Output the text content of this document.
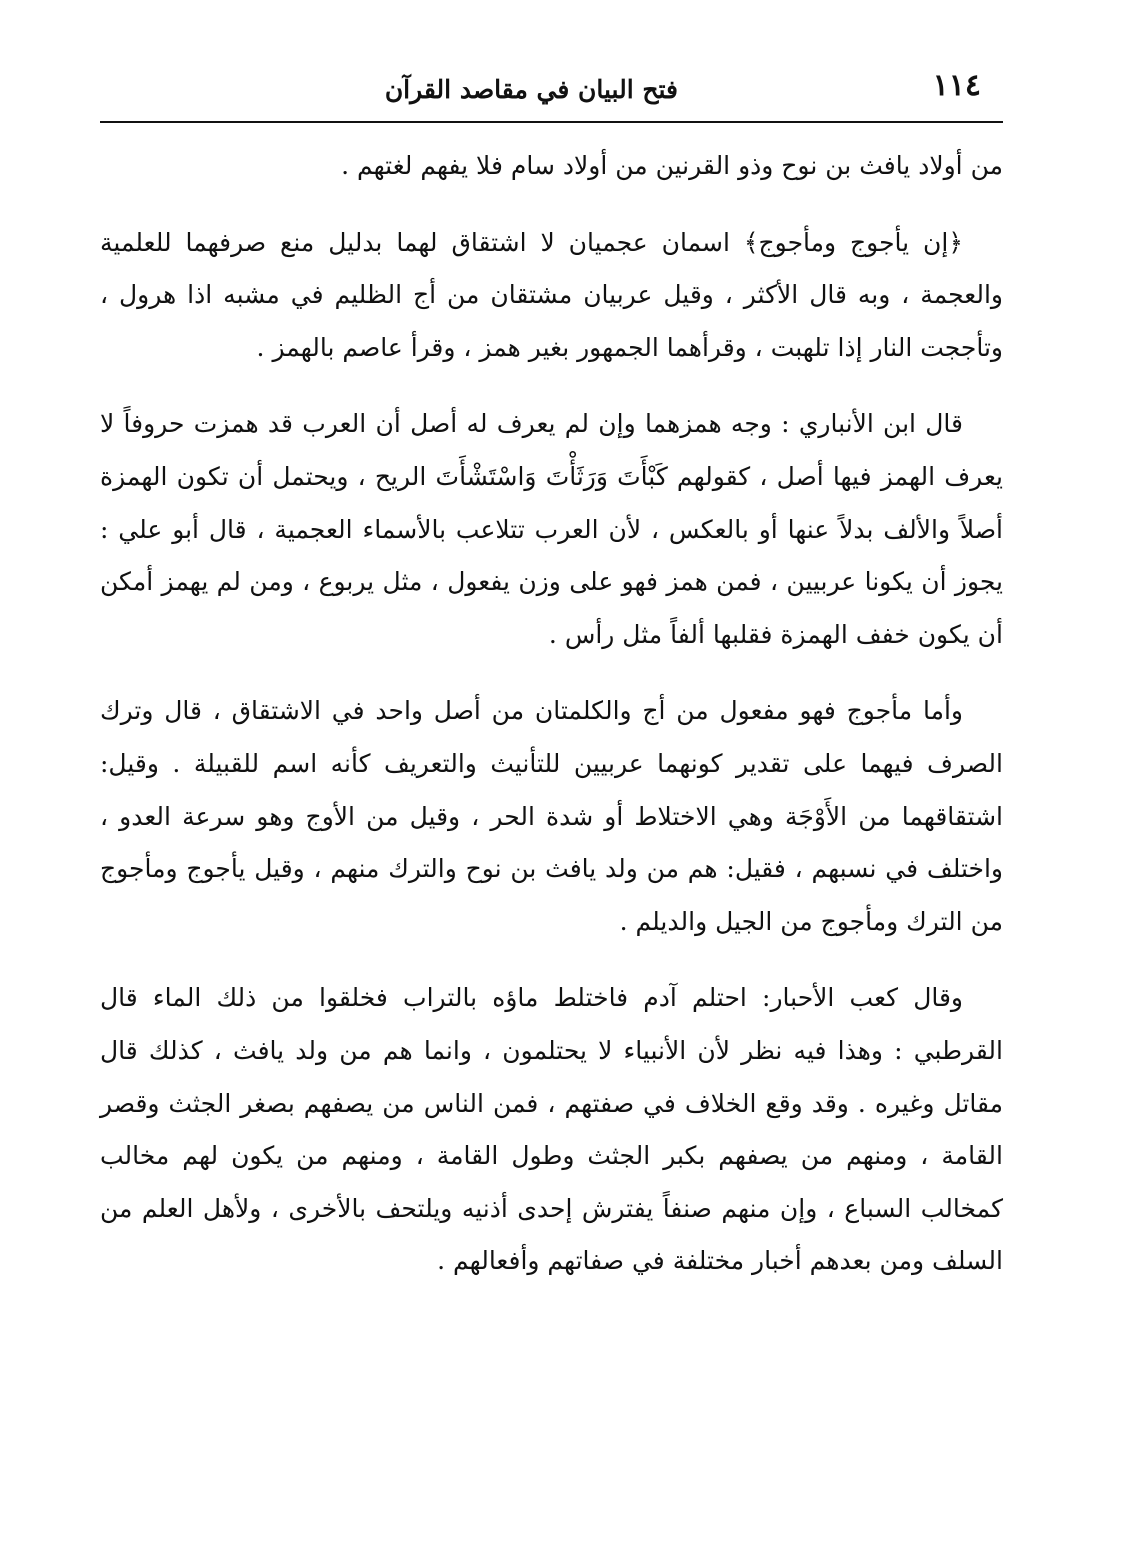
١١٤
فتح البيان في مقاصد القرآن

من أولاد يافث بن نوح وذو القرنين من أولاد سام فلا يفهم لغتهم .

﴿إن يأجوج ومأجوج﴾ اسمان عجميان لا اشتقاق لهما بدليل منع صرفهما للعلمية والعجمة ، وبه قال الأكثر ، وقيل عربيان مشتقان من أج الظليم في مشبه اذا هرول ، وتأججت النار إذا تلهبت ، وقرأهما الجمهور بغير همز ، وقرأ عاصم بالهمز .

قال ابن الأنباري : وجه همزهما وإن لم يعرف له أصل أن العرب قد همزت حروفاً لا يعرف الهمز فيها أصل ، كقولهم كَبْأَتَ وَرَثَأْتَ وَاسْتَشْأَتَ الريح ، ويحتمل أن تكون الهمزة أصلاً والألف بدلاً عنها أو بالعكس ، لأن العرب تتلاعب بالأسماء العجمية ، قال أبو علي : يجوز أن يكونا عربيين ، فمن همز فهو على وزن يفعول ، مثل يربوع ، ومن لم يهمز أمكن أن يكون خفف الهمزة فقلبها ألفاً مثل رأس .

وأما مأجوج فهو مفعول من أج والكلمتان من أصل واحد في الاشتقاق ، قال وترك الصرف فيهما على تقدير كونهما عربيين للتأنيث والتعريف كأنه اسم للقبيلة . وقيل: اشتقاقهما من الأَوْجَة وهي الاختلاط أو شدة الحر ، وقيل من الأوج وهو سرعة العدو ، واختلف في نسبهم ، فقيل: هم من ولد يافث بن نوح والترك منهم ، وقيل يأجوج ومأجوج من الترك ومأجوج من الجيل والديلم .

وقال كعب الأحبار: احتلم آدم فاختلط ماؤه بالتراب فخلقوا من ذلك الماء قال القرطبي : وهذا فيه نظر لأن الأنبياء لا يحتلمون ، وانما هم من ولد يافث ، كذلك قال مقاتل وغيره . وقد وقع الخلاف في صفتهم ، فمن الناس من يصفهم بصغر الجثث وقصر القامة ، ومنهم من يصفهم بكبر الجثث وطول القامة ، ومنهم من يكون لهم مخالب كمخالب السباع ، وإن منهم صنفاً يفترش إحدى أذنيه ويلتحف بالأخرى ، ولأهل العلم من السلف ومن بعدهم أخبار مختلفة في صفاتهم وأفعالهم .
